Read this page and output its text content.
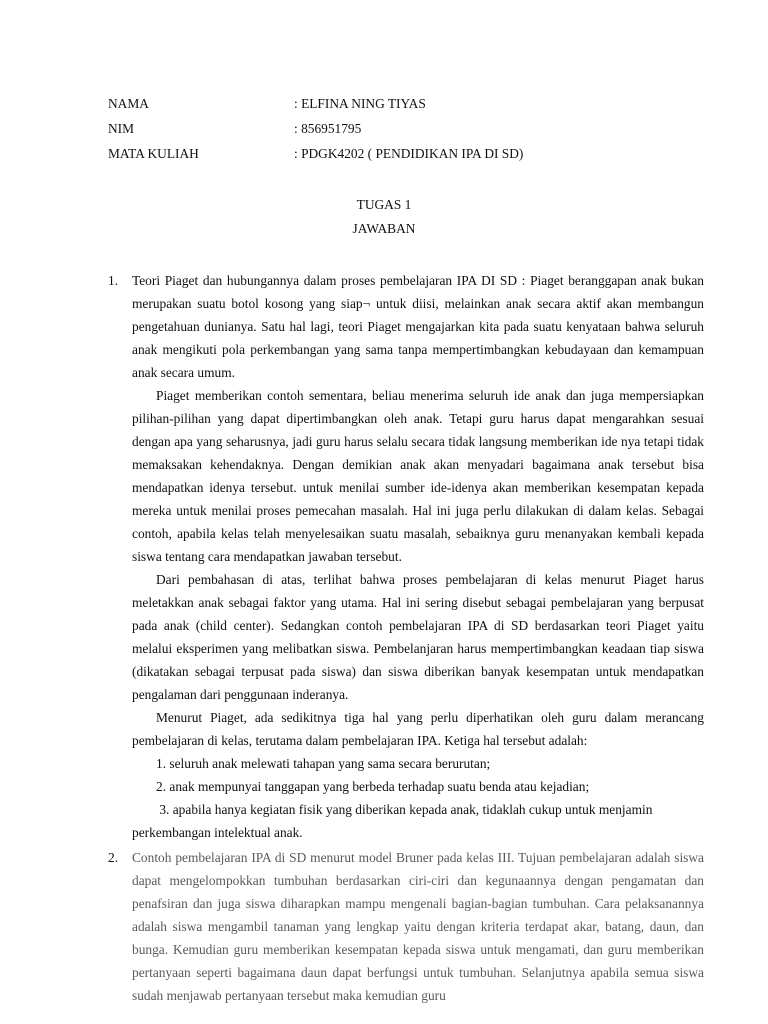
NAMA	: ELFINA NING TIYAS
NIM	: 856951795
MATA KULIAH	: PDGK4202 ( PENDIDIKAN IPA DI SD)
TUGAS 1
JAWABAN
1. Teori Piaget dan hubungannya dalam proses pembelajaran IPA DI SD : Piaget beranggapan anak bukan merupakan suatu botol kosong yang siap¬ untuk diisi, melainkan anak secara aktif akan membangun pengetahuan dunianya. Satu hal lagi, teori Piaget mengajarkan kita pada suatu kenyataan bahwa seluruh anak mengikuti pola perkembangan yang sama tanpa mempertimbangkan kebudayaan dan kemampuan anak secara umum.

Piaget memberikan contoh sementara, beliau menerima seluruh ide anak dan juga mempersiapkan pilihan-pilihan yang dapat dipertimbangkan oleh anak. Tetapi guru harus dapat mengarahkan sesuai dengan apa yang seharusnya, jadi guru harus selalu secara tidak langsung memberikan ide nya tetapi tidak memaksakan kehendaknya. Dengan demikian anak akan menyadari bagaimana anak tersebut bisa mendapatkan idenya tersebut. untuk menilai sumber ide-idenya akan memberikan kesempatan kepada mereka untuk menilai proses pemecahan masalah. Hal ini juga perlu dilakukan di dalam kelas. Sebagai contoh, apabila kelas telah menyelesaikan suatu masalah, sebaiknya guru menanyakan kembali kepada siswa tentang cara mendapatkan jawaban tersebut.

Dari pembahasan di atas, terlihat bahwa proses pembelajaran di kelas menurut Piaget harus meletakkan anak sebagai faktor yang utama. Hal ini sering disebut sebagai pembelajaran yang berpusat pada anak (child center). Sedangkan contoh pembelajaran IPA di SD berdasarkan teori Piaget yaitu melalui eksperimen yang melibatkan siswa. Pembelanjaran harus mempertimbangkan keadaan tiap siswa (dikatakan sebagai terpusat pada siswa) dan siswa diberikan banyak kesempatan untuk mendapatkan pengalaman dari penggunaan inderanya.

Menurut Piaget, ada sedikitnya tiga hal yang perlu diperhatikan oleh guru dalam merancang pembelajaran di kelas, terutama dalam pembelajaran IPA. Ketiga hal tersebut adalah:

1. seluruh anak melewati tahapan yang sama secara berurutan;
2. anak mempunyai tanggapan yang berbeda terhadap suatu benda atau kejadian;
3. apabila hanya kegiatan fisik yang diberikan kepada anak, tidaklah cukup untuk menjamin
perkembangan intelektual anak.
2. Contoh pembelajaran IPA di SD menurut model Bruner pada kelas III. Tujuan pembelajaran adalah siswa dapat mengelompokkan tumbuhan berdasarkan ciri-ciri dan kegunaannya dengan pengamatan dan penafsiran dan juga siswa diharapkan mampu mengenali bagian-bagian tumbuhan. Cara pelaksanannya adalah siswa mengambil tanaman yang lengkap yaitu dengan kriteria terdapat akar, batang, daun, dan bunga. Kemudian guru memberikan kesempatan kepada siswa untuk mengamati, dan guru memberikan pertanyaan seperti bagaimana daun dapat berfungsi untuk tumbuhan. Selanjutnya apabila semua siswa sudah menjawab pertanyaan tersebut maka kemudian guru
